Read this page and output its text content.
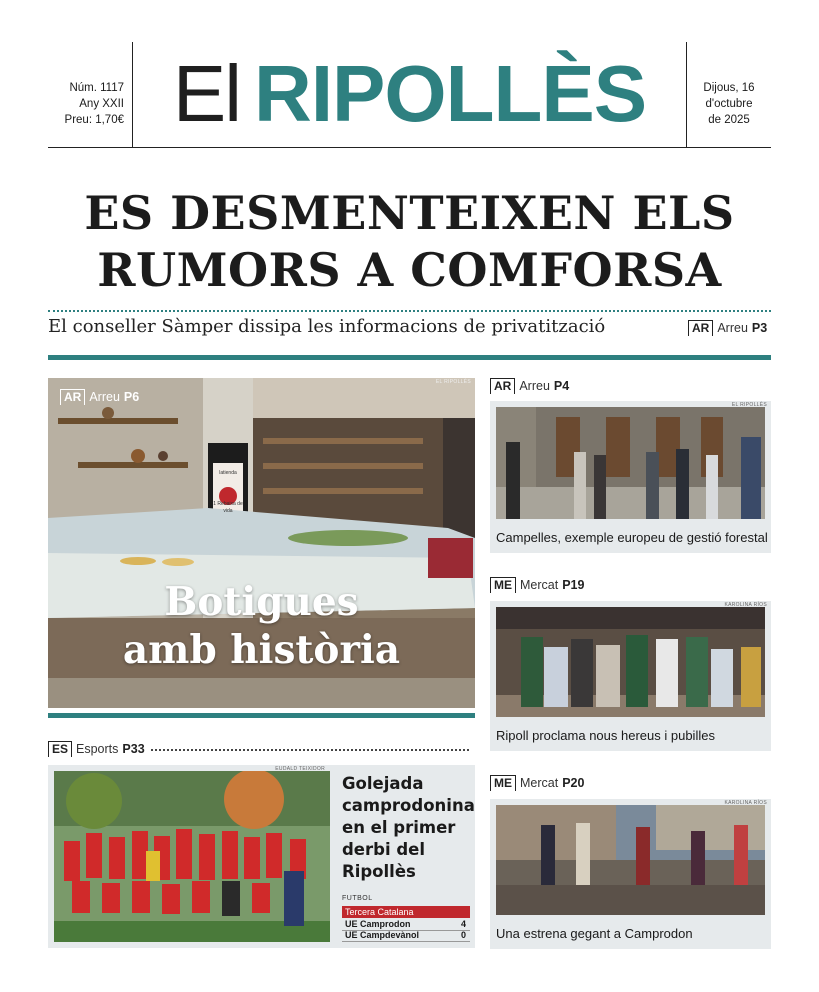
Núm. 1117
Any XXII
Preu: 1,70€ El RIPOLLÈS	Dijous, 16
d'octubre
de 2025
ES DESMENTEIXEN ELS
RUMORS A COMFORSA
El conseller Sàmper dissipa les informacions de privatització	AR Arreu P3
EL RIPOLLÈS
AR Arreu P6
latienda
1 Rebaixa de vida
Botigues
amb història
AR Arreu P4
EL RIPOLLÈS
Campelles, exemple europeu de gestió forestal
ME Mercat P19
KAROLINA RÍOS
Ripoll proclama nous hereus i pubilles
ME Mercat P20
KAROLINA RÍOS
Una estrena gegant a Camprodon
ES Esports P33
EUDALD TEIXIDOR
Golejada camprodonina en el primer derbi del Ripollès
FUTBOL
Tercera Catalana
UE Camprodon	4
UE Campdevànol	0
